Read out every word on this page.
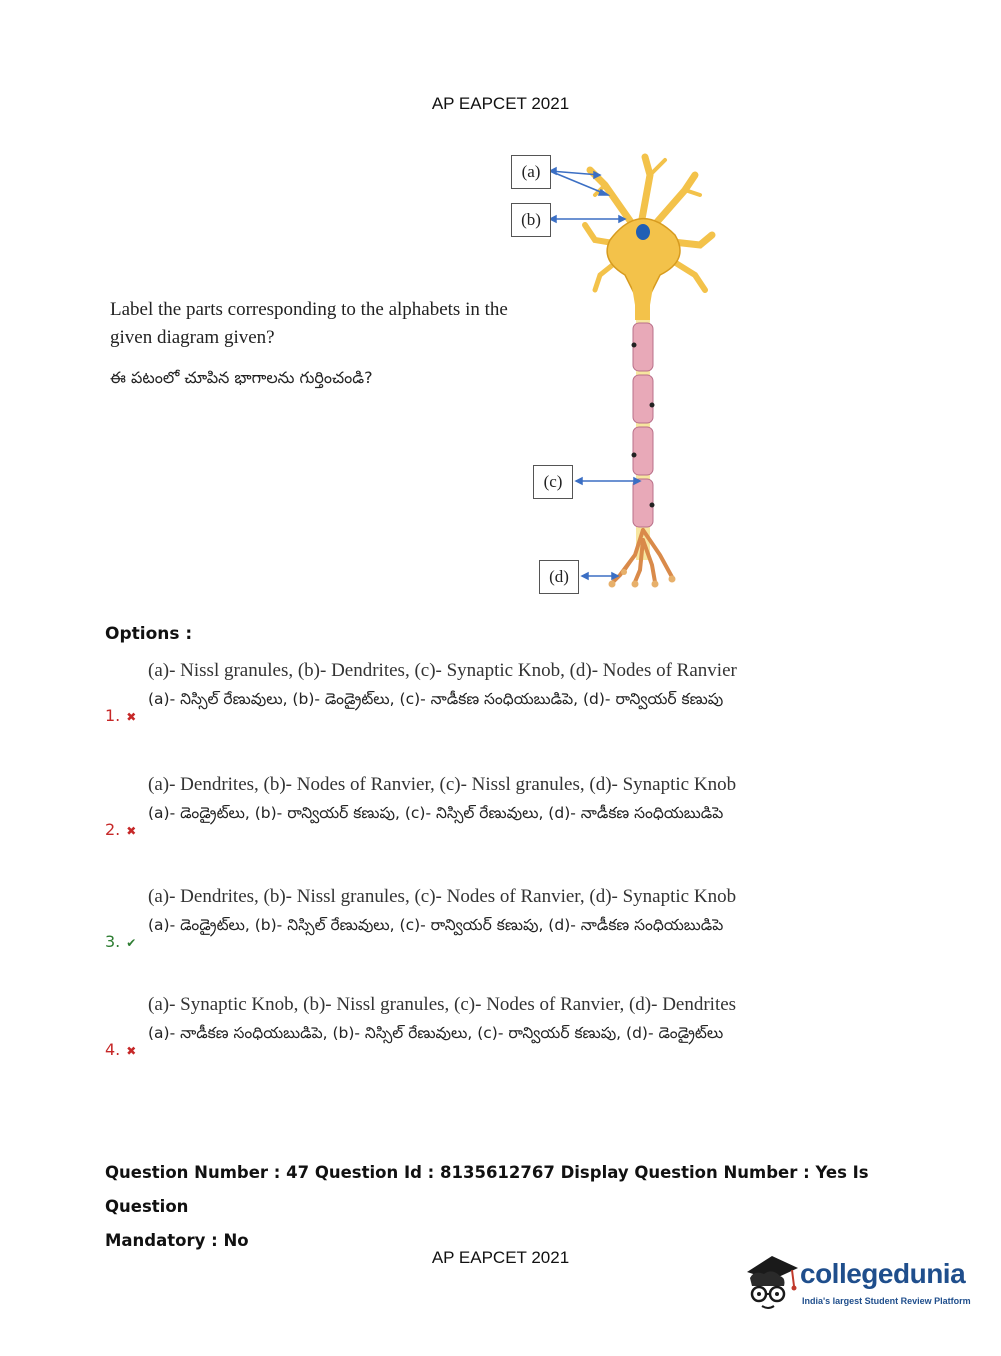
AP EAPCET 2021
Label the parts corresponding to the alphabets in the given diagram given?
ఈ పటంలో చూపిన భాగాలను గుర్తించండి?
(a)
(b)
(c)
(d)
Options :
1. ✖
(a)- Nissl granules, (b)- Dendrites, (c)- Synaptic Knob, (d)- Nodes of Ranvier
(a)- నిస్సిల్ రేణువులు, (b)- డెండ్రైట్‌లు, (c)- నాడీకణ సంధియబుడిపె, (d)- రాన్వియర్ కణుపు
2. ✖
(a)- Dendrites, (b)- Nodes of Ranvier, (c)- Nissl granules, (d)- Synaptic Knob
(a)- డెండ్రైట్‌లు, (b)- రాన్వియర్ కణుపు, (c)- నిస్సిల్ రేణువులు, (d)- నాడీకణ సంధియబుడిపె
3. ✔
(a)- Dendrites, (b)- Nissl granules, (c)- Nodes of Ranvier, (d)- Synaptic Knob
(a)- డెండ్రైట్‌లు, (b)- నిస్సిల్ రేణువులు, (c)- రాన్వియర్ కణుపు, (d)- నాడీకణ సంధియబుడిపె
4. ✖
(a)- Synaptic Knob, (b)- Nissl granules, (c)- Nodes of Ranvier, (d)- Dendrites
(a)- నాడీకణ సంధియబుడిపె, (b)- నిస్సిల్ రేణువులు, (c)- రాన్వియర్ కణుపు, (d)- డెండ్రైట్‌లు
Question Number : 47 Question Id : 8135612767 Display Question Number : Yes Is Question
Mandatory : No
AP EAPCET 2021
collegedunia
India's largest Student Review Platform
